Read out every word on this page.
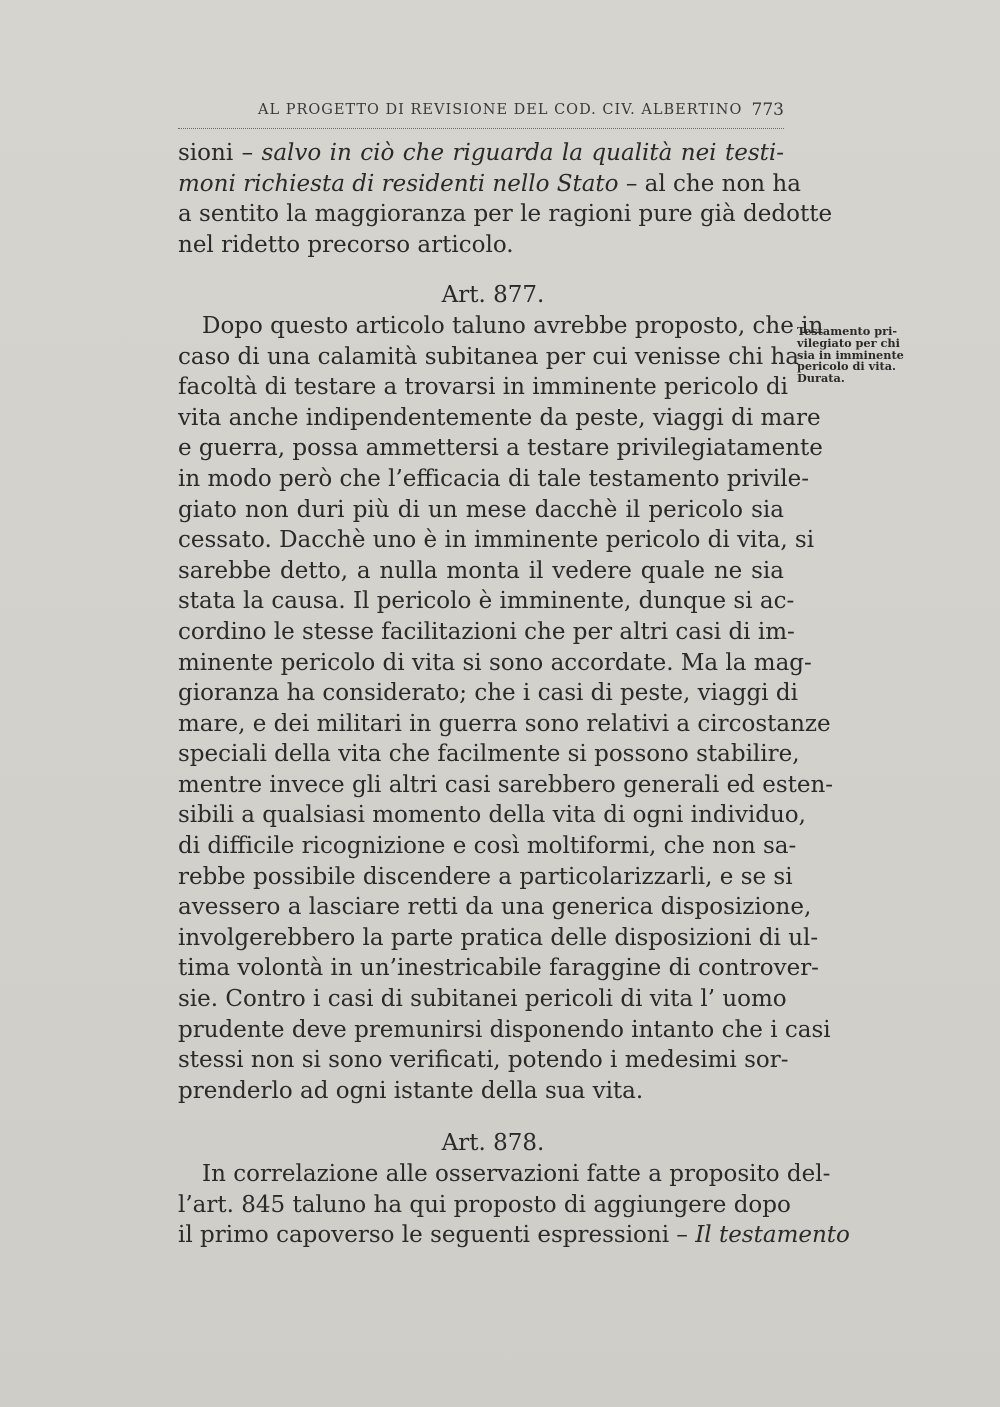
AL PROGETTO DI REVISIONE DEL COD. CIV. ALBERTINO 773
sioni – salvo in ciò che riguarda la qualità nei testi-
moni richiesta di residenti nello Stato – al che non ha
a sentito la maggioranza per le ragioni pure già dedotte
nel ridetto precorso articolo.
Art. 877.
Dopo questo articolo taluno avrebbe proposto, che in
caso di una calamità subitanea per cui venisse chi ha
facoltà di testare a trovarsi in imminente pericolo di
vita anche indipendentemente da peste, viaggi di mare
e guerra, possa ammettersi a testare privilegiatamente
in modo però che l’efficacia di tale testamento privile-
giato non duri più di un mese dacchè il pericolo sia
cessato. Dacchè uno è in imminente pericolo di vita, si
sarebbe detto, a nulla monta il vedere quale ne sia
stata la causa. Il pericolo è imminente, dunque si ac-
cordino le stesse facilitazioni che per altri casi di im-
minente pericolo di vita si sono accordate. Ma la mag-
gioranza ha considerato; che i casi di peste, viaggi di
mare, e dei militari in guerra sono relativi a circostanze
speciali della vita che facilmente si possono stabilire,
mentre invece gli altri casi sarebbero generali ed esten-
sibili a qualsiasi momento della vita di ogni individuo,
di difficile ricognizione e così moltiformi, che non sa-
rebbe possibile discendere a particolarizzarli, e se si
avessero a lasciare retti da una generica disposizione,
involgerebbero la parte pratica delle disposizioni di ul-
tima volontà in un’inestricabile faraggine di controver-
sie. Contro i casi di subitanei pericoli di vita l’ uomo
prudente deve premunirsi disponendo intanto che i casi
stessi non si sono verificati, potendo i medesimi sor-
prenderlo ad ogni istante della sua vita.
Art. 878.
In correlazione alle osservazioni fatte a proposito del-
l’art. 845 taluno ha qui proposto di aggiungere dopo
il primo capoverso le seguenti espressioni – Il testamento
Testamento pri-
vilegiato per chi
sia in imminente
pericolo di vita.
Durata.
